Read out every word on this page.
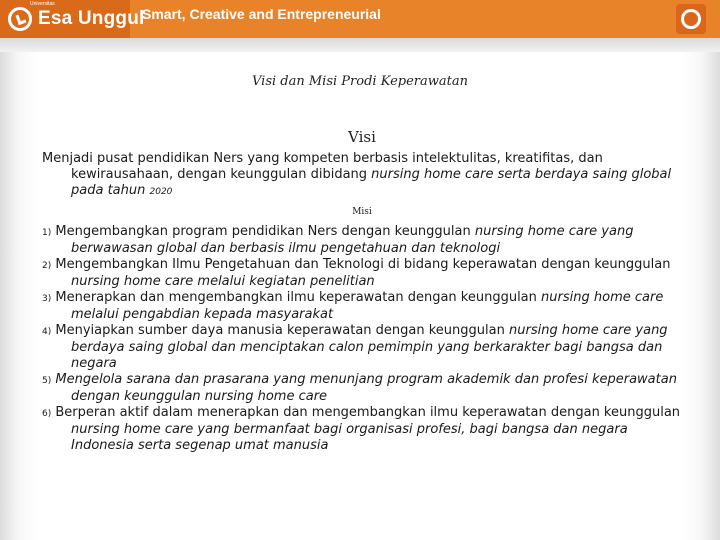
Esa Unggul
Universitas
Smart, Creative and Entrepreneurial
Visi dan Misi Prodi Keperawatan
Visi

Menjadi pusat pendidikan Ners yang kompeten berbasis intelektulitas, kreatifitas, dan kewirausahaan, dengan keunggulan dibidang nursing home care serta berdaya saing global pada tahun 2020

Misi

1) Mengembangkan program pendidikan Ners dengan keunggulan nursing home care yang berwawasan global dan berbasis ilmu pengetahuan dan teknologi

2) Mengembangkan Ilmu Pengetahuan dan Teknologi di bidang keperawatan dengan keunggulan nursing home care melalui kegiatan penelitian

3) Menerapkan dan mengembangkan ilmu keperawatan dengan keunggulan nursing home care melalui pengabdian kepada masyarakat

4) Menyiapkan sumber daya manusia keperawatan dengan keunggulan nursing home care yang berdaya saing global dan menciptakan calon pemimpin yang berkarakter bagi bangsa dan negara

5) Mengelola sarana dan prasarana yang menunjang program akademik dan profesi keperawatan dengan keunggulan nursing home care

6) Berperan aktif dalam menerapkan dan mengembangkan ilmu keperawatan dengan keunggulan nursing home care yang bermanfaat bagi organisasi profesi, bagi bangsa dan negara Indonesia serta segenap umat manusia
